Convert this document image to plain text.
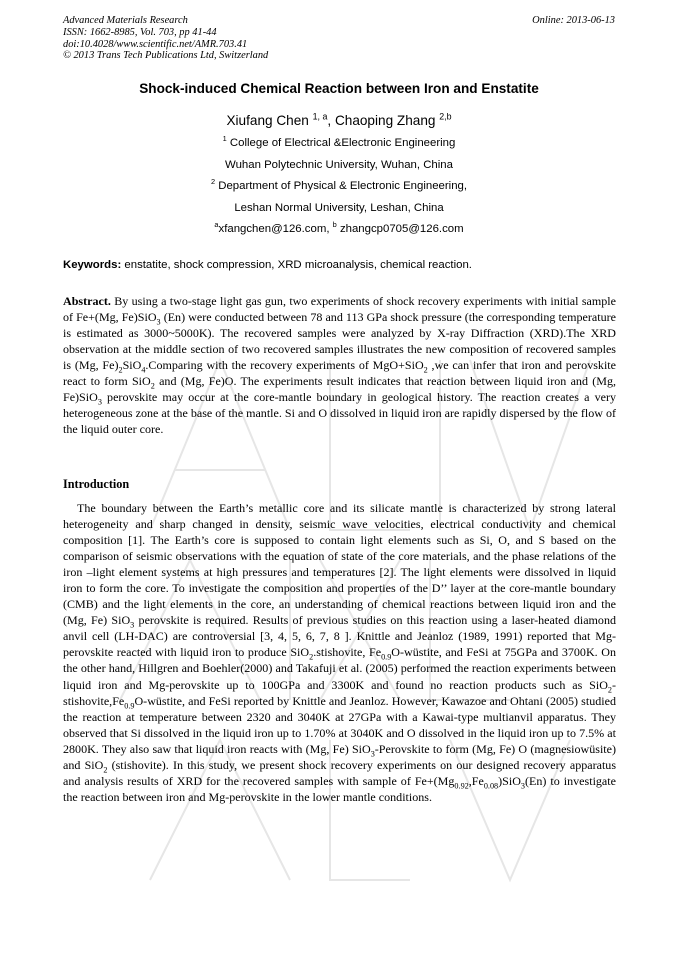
Advanced Materials Research
ISSN: 1662-8985, Vol. 703, pp 41-44
doi:10.4028/www.scientific.net/AMR.703.41
© 2013 Trans Tech Publications Ltd, Switzerland
Online: 2013-06-13
Shock-induced Chemical Reaction between Iron and Enstatite
Xiufang Chen $^{1, a}$, Chaoping Zhang $^{2,b}$
$^1$ College of Electrical &Electronic Engineering
Wuhan Polytechnic University, Wuhan, China
$^2$ Department of Physical & Electronic Engineering,
Leshan Normal University, Leshan, China
$^a$xfangchen@126.com, $^b$ zhangcp0705@126.com
Keywords: enstatite, shock compression, XRD microanalysis, chemical reaction.

Abstract. By using a two-stage light gas gun, two experiments of shock recovery experiments with initial sample of Fe+(Mg, Fe)SiO$_3$ (En) were conducted between 78 and 113 GPa shock pressure (the corresponding temperature is estimated as 3000~5000K). The recovered samples were analyzed by X-ray Diffraction (XRD).The XRD observation at the middle section of two recovered samples illustrates the new composition of recovered samples is (Mg, $Fe)_2SiO_4.Comparing$ with the recovery experiments of MgO+SiO$_2$ ,we can infer that iron and perovskite react to form SiO$_2$ and (Mg, Fe)O. The experiments result indicates that reaction between liquid iron and (Mg, Fe)SiO$_3$ perovskite may occur at the core-mantle boundary in geological history. The reaction creates a very heterogeneous zone at the base of the mantle. Si and O dissolved in liquid iron are rapidly dispersed by the flow of the liquid outer core.

Introduction

The boundary between the Earth’s metallic core and its silicate mantle is characterized by strong lateral heterogeneity and sharp changed in density, seismic wave velocities, electrical conductivity and chemical composition [1]. The Earth’s core is supposed to contain light elements such as Si, O, and S based on the comparison of seismic observations with the equation of state of the core materials, and the phase relations of the iron –light element systems at high pressures and temperatures [2]. The light elements were dissolved in liquid iron to form the core. To investigate the composition and properties of the D’’ layer at the core-mantle boundary (CMB) and the light elements in the core, an understanding of chemical reactions between liquid iron and the (Mg, Fe) SiO$_3$ perovskite is required. Results of previous studies on this reaction using a laser-heated diamond anvil cell (LH-DAC) are controversial [3, 4, 5, 6, 7, 8 ]. Knittle and Jeanloz (1989, 1991) reported that Mg-perovskite reacted with liquid iron to produce SiO$_2$.stishovite, $Fe_{0.9}O$-wüstite, and FeSi at 75GPa and 3700K. On the other hand, Hillgren and Boehler(2000) and Takafuji et al. (2005) performed the reaction experiments between liquid iron and Mg-perovskite up to 100GPa and 3300K and found no reaction products such as $SiO_2-stishovite,Fe_{0.9}O$-wüstite, and FeSi reported by Knittle and Jeanloz. However, Kawazoe and Ohtani (2005) studied the reaction at temperature between 2320 and 3040K at 27GPa with a Kawai-type multianvil apparatus. They observed that Si dissolved in the liquid iron up to 1.70% at 3040K and O dissolved in the liquid iron up to 7.5% at 2800K. They also saw that liquid iron reacts with (Mg, Fe) SiO$_3$-Perovskite to form (Mg, Fe) O (magnesiowüsite) and SiO$_2$ (stishovite). In this study, we present shock recovery experiments on our designed recovery apparatus and analysis results of XRD for the recovered samples with sample of $Fe+(Mg_{0.92},Fe_{0.08})SiO_3(En)$ to investigate the reaction between iron and Mg-perovskite in the lower mantle conditions.
